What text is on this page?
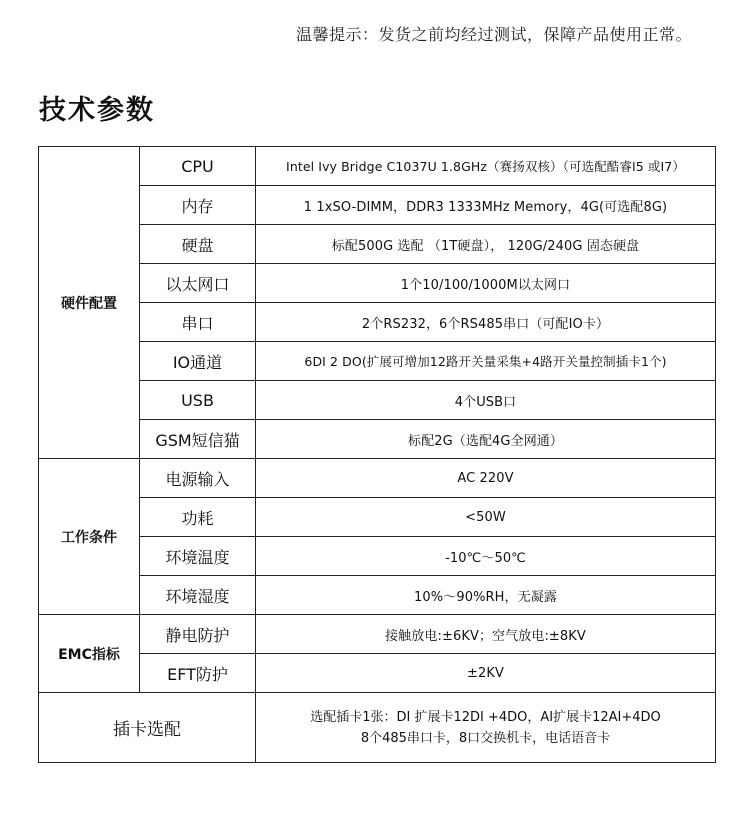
温馨提示：发货之前均经过测试，保障产品使用正常。
技术参数
硬件配置	CPU	Intel Ivy Bridge C1037U 1.8GHz（赛扬双核）（可选配酷睿I5 或I7）
	内存	1 1xSO-DIMM，DDR3 1333MHz Memory，4G(可选配8G)
	硬盘	标配500G 选配 （1T硬盘）， 120G/240G 固态硬盘
	以太网口	1个10/100/1000M以太网口
	串口	2个RS232，6个RS485串口（可配IO卡）
	IO通道	6DI 2 DO(扩展可增加12路开关量采集+4路开关量控制插卡1个)
	USB	4个USB口
	GSM短信猫	标配2G（选配4G全网通）
工作条件	电源输入	AC 220V
	功耗	<50W
	环境温度	-10℃～50℃
	环境湿度	10%～90%RH，无凝露
EMC指标	静电防护	接触放电:±6KV；空气放电:±8KV
	EFT防护	±2KV
插卡选配		选配插卡1张：DI 扩展卡12DI +4DO，AI扩展卡12AI+4DO
8个485串口卡，8口交换机卡，电话语音卡
